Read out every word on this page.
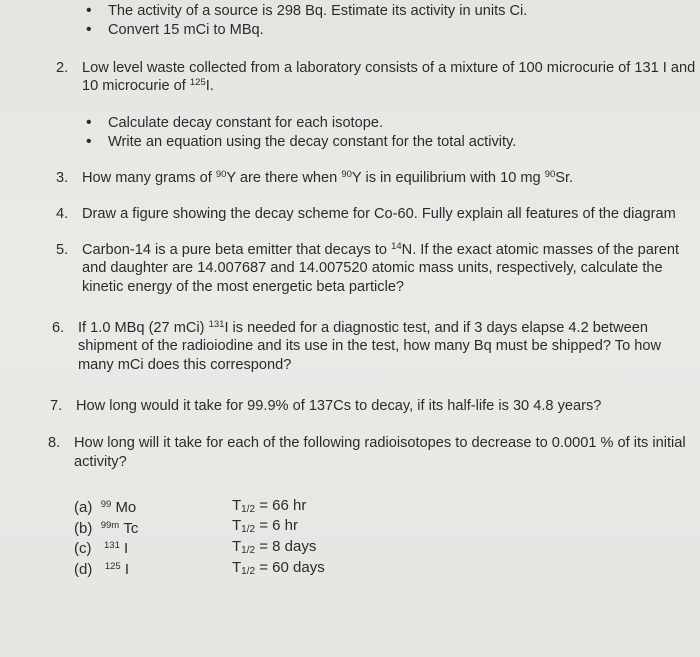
• The activity of a source is 298 Bq. Estimate its activity in units Ci.
• Convert 15 mCi to MBq.
2. Low level waste collected from a laboratory consists of a mixture of 100 microcurie of 131 I and
10 microcurie of $^{125}$I.
• Calculate decay constant for each isotope.
• Write an equation using the decay constant for the total activity.
3. How many grams of $^{90}$Y are there when $^{90}$Y is in equilibrium with 10 mg $^{90}$Sr.
4. Draw a figure showing the decay scheme for Co-60. Fully explain all features of the diagram
5. Carbon-14 is a pure beta emitter that decays to $^{14}$N. If the exact atomic masses of the parent
and daughter are 14.007687 and 14.007520 atomic mass units, respectively, calculate the
kinetic energy of the most energetic beta particle?
6. If 1.0 MBq (27 mCi) $^{131}$I is needed for a diagnostic test, and if 3 days elapse 4.2 between
shipment of the radioiodine and its use in the test, how many Bq must be shipped? To how
many mCi does this correspond?
7. How long would it take for 99.9% of 137Cs to decay, if its half-life is 30 4.8 years?
8. How long will it take for each of the following radioisotopes to decrease to 0.0001 % of its initial
activity?
(a) $^{99}$ Mo	$T_{1/2} = 66$ hr
(b) $^{99m}$ Tc	$T_{1/2} = 6$ hr
(c) $^{131}$ I	$T_{1/2} = 8$ days
(d) $^{125}$ I	$T_{1/2} = 60$ days
